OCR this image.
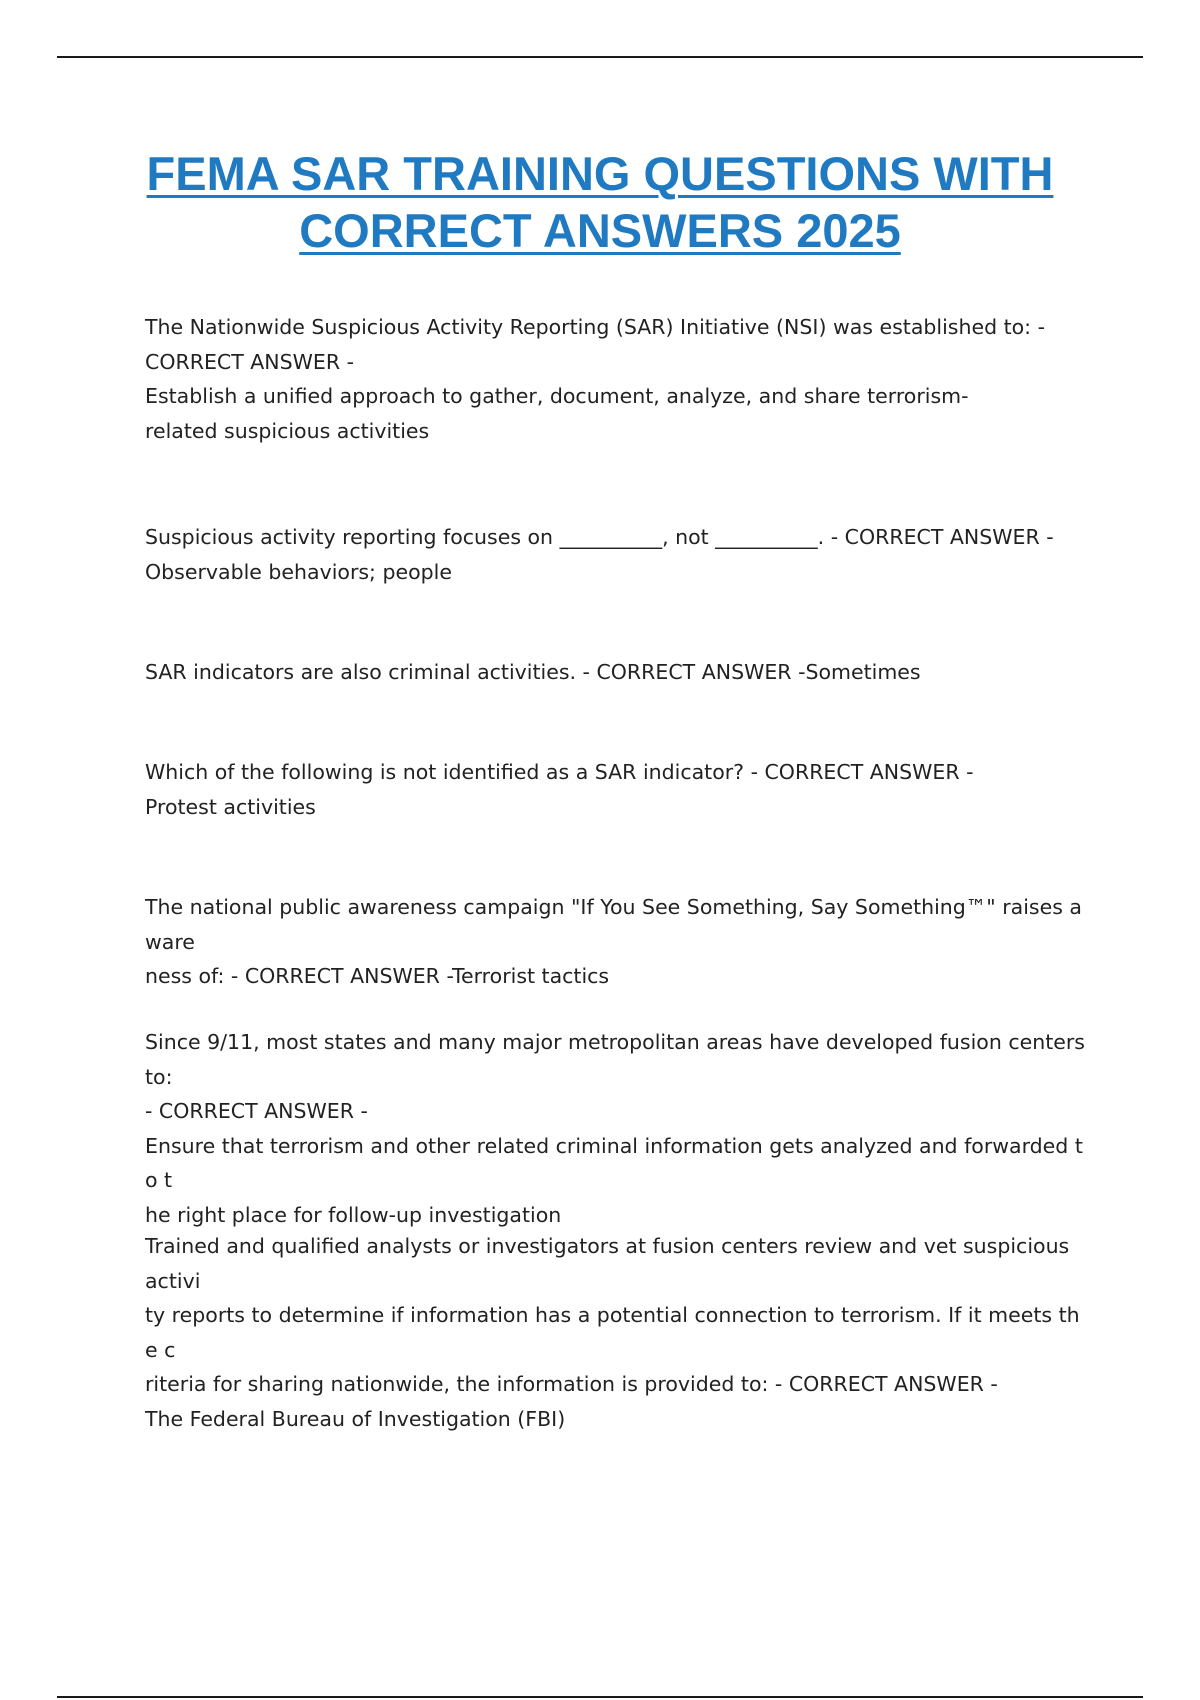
FEMA SAR TRAINING QUESTIONS WITH
CORRECT ANSWERS 2025

The Nationwide Suspicious Activity Reporting (SAR) Initiative (NSI) was established to: -
CORRECT ANSWER -
Establish a unified approach to gather, document, analyze, and share terrorism-
related suspicious activities

Suspicious activity reporting focuses on __________, not __________. - CORRECT ANSWER -
Observable behaviors; people

SAR indicators are also criminal activities. - CORRECT ANSWER -Sometimes

Which of the following is not identified as a SAR indicator? - CORRECT ANSWER -
Protest activities

The national public awareness campaign "If You See Something, Say Something™" raises aware
ness of: - CORRECT ANSWER -Terrorist tactics

Since 9/11, most states and many major metropolitan areas have developed fusion centers to:
- CORRECT ANSWER -
Ensure that terrorism and other related criminal information gets analyzed and forwarded to t
he right place for follow-up investigation

Trained and qualified analysts or investigators at fusion centers review and vet suspicious activi
ty reports to determine if information has a potential connection to terrorism. If it meets the c
riteria for sharing nationwide, the information is provided to: - CORRECT ANSWER -
The Federal Bureau of Investigation (FBI)
